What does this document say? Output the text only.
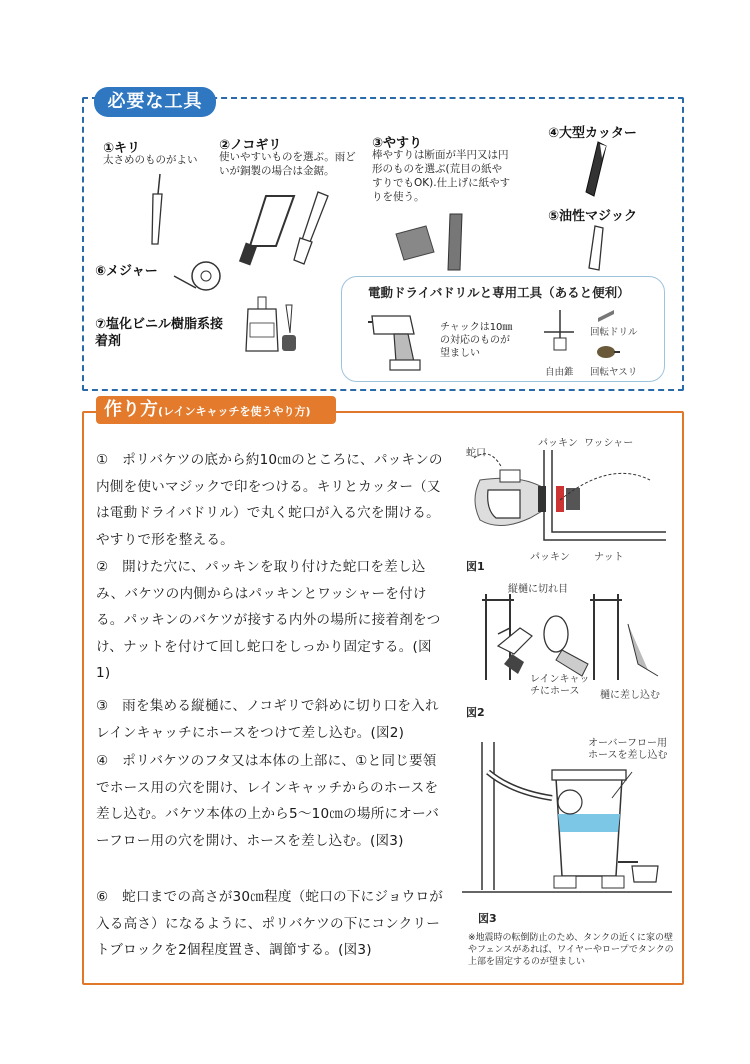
必要な工具
①キリ
太さめのものがよい
②ノコギリ
使いやすいものを選ぶ。雨どいが銅製の場合は金鋸。
③やすり
棒やすりは断面が半円又は円形のものを選ぶ(荒目の紙やすりでもOK).仕上げに紙やすりを使う。
④大型カッター
⑤油性マジック
⑥メジャー
⑦塩化ビニル樹脂系接着剤
電動ドライバドリルと専用工具（あると便利）
チャックは10㎜の対応のものが望ましい
自由錐
回転ドリル
回転ヤスリ
作り方(レインキャッチを使うやり方)
①　ポリバケツの底から約10㎝のところに、パッキンの内側を使いマジックで印をつける。キリとカッター（又は電動ドライバドリル）で丸く蛇口が入る穴を開ける。やすりで形を整える。
②　開けた穴に、パッキンを取り付けた蛇口を差し込み、バケツの内側からはパッキンとワッシャーを付ける。パッキンのバケツが接する内外の場所に接着剤をつけ、ナットを付けて回し蛇口をしっかり固定する。(図1)
③　雨を集める縦樋に、ノコギリで斜めに切り口を入れレインキャッチにホースをつけて差し込む。(図2)
④　ポリバケツのフタ又は本体の上部に、①と同じ要領でホース用の穴を開け、レインキャッチからのホースを差し込む。バケツ本体の上から5～10㎝の場所にオーバーフロー用の穴を開け、ホースを差し込む。(図3)
⑥　蛇口までの高さが30㎝程度（蛇口の下にジョウロが入る高さ）になるように、ポリバケツの下にコンクリートブロックを2個程度置き、調節する。(図3)
蛇口
パッキン ワッシャー
パッキン ナット
図1
縦樋に切れ目
レインキャッチにホース	樋に差し込む
図2
オーバーフロー用ホースを差し込む
図3
※地震時の転倒防止のため、タンクの近くに家の壁やフェンスがあれば、ワイヤーやロープでタンクの上部を固定するのが望ましい
